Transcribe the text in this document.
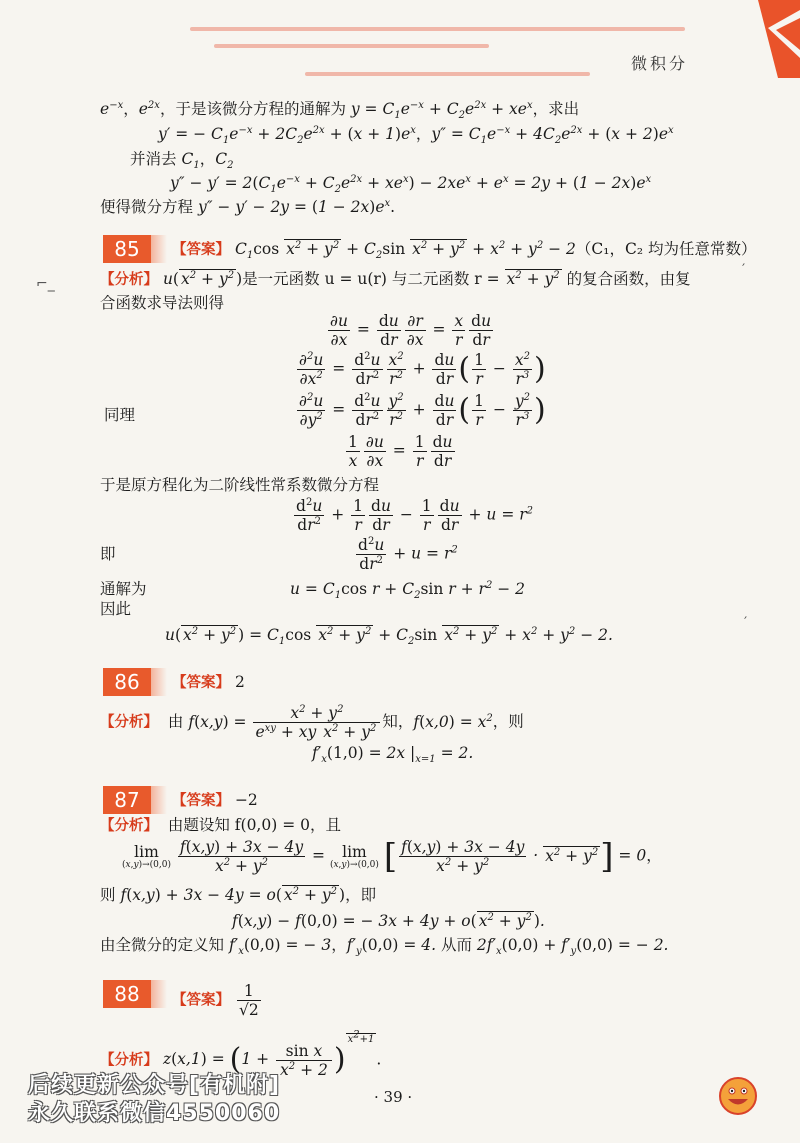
微积分
⌐_
′
′
$e^{-x}$，$e^{2x}$，于是该微分方程的通解为 $y = C_1e^{-x} + C_2e^{2x} + xe^x$，求出
y′ = − $C_1e^{-x} + 2C_2e^{2x} + (x + 1)e^x$，$y'' = C_1e^{-x} + 4C_2e^{2x} + (x + 2)e^x$
并消去 $C_1$，$C_2$
$y'' - y' = 2(C_1e^{-x} + C_2e^{2x} + xe^x) - 2xe^x + e^x = 2y + (1 - 2x)e^x$
便得微分方程 $y'' - y' - 2y = (1 - 2x)e^x$.
85	【答案】 $C_1\cos$ $x^2 + y^2 + C_2\sin$ $x^2 + y^2 + x^2 + y^2 - 2(C_1$，C₂ 均为任意常数）
【分析】 u( $x^2 + y^2$ )是一元函数 u = u(r) 与二元函数 $r = x^2 + y^2$ 的复合函数，由复
合函数求导法则得
$\frac{\partial u}{\partial x} = \frac{du}{dr} \frac{\partial r}{\partial x} = \frac{x}{r} \frac{du}{dr}$
$\frac{\partial^2u}{\partial x^2} = \frac{d^2u}{dr^2} \frac{x^2}{r^2} + \frac{du}{dr}$ ( $\frac{1}{r} - \frac{x^2}{r^3}$ )
同理	$\frac{\partial^2u}{\partial y^2} = \frac{d^2u}{dr^2} \frac{y^2}{r^2} + \frac{du}{dr}$ ( $\frac{1}{r} - \frac{y^2}{r^3}$ )
$\frac{1}{x} \frac{\partial u}{\partial x} = \frac{1}{r} \frac{du}{dr}$
于是原方程化为二阶线性常系数微分方程
$\frac{d^2u}{dr^2} + \frac{1}{r} \frac{du}{dr} - \frac{1}{r} \frac{du}{dr} + u = r^2$
即	$\frac{d^2u}{dr^2} + u = r^2$
通解为	$u = C_1\cos$ $r + C_2\sin$ $r + r^2 - 2$
因此
u( $x^2 + y^2$ ) = $C_1\cos$ $x^2 + y^2 + C_2\sin$ $x^2 + y^2 + x^2 + y^2 - 2$.
86	【答案】 2
【分析】 由 $f(x,y) = \frac{x^2 + y^2}{e^{xy} + xy x^2 + y^2}$ 知，$f(x,0) = x^2$，则
$f'_x(1,0) = 2x$ $|_{x=1} = 2$.
87	【答案】 −2
【分析】 由题设知 f(0,0) = 0，且
lim
(x,y)→(0,0)
$\frac{f(x,y) + 3x - 4y}{x^2 + y^2} = \lim$
(x,y)→(0,0) [ $\frac{f(x,y) + 3x - 4y}{x^2 + y^2} \cdot x^2 + y^2] = 0$，
则 f(x,y) + 3x − 4y = o( $x^2 + y^2$ )，即
f(x,y) − f(0,0) = − 3x + 4y + o( $x^2 + y^2$ ).
由全微分的定义知 $f'_x(0,0)$ = − 3，$f'_y(0,0) = 4$. 从而 $2f'_x(0,0) + f'_y(0,0)$ = − 2.
88	【答案】 $\frac{1}{√2}$
【分析】 $z(x,1) = (1 + \frac{\text{sin x}}{x^2 + 2} )^{x^2+1}$.
后续更新公众号[有机附]
永久联系微信4550060
· 39 ·
